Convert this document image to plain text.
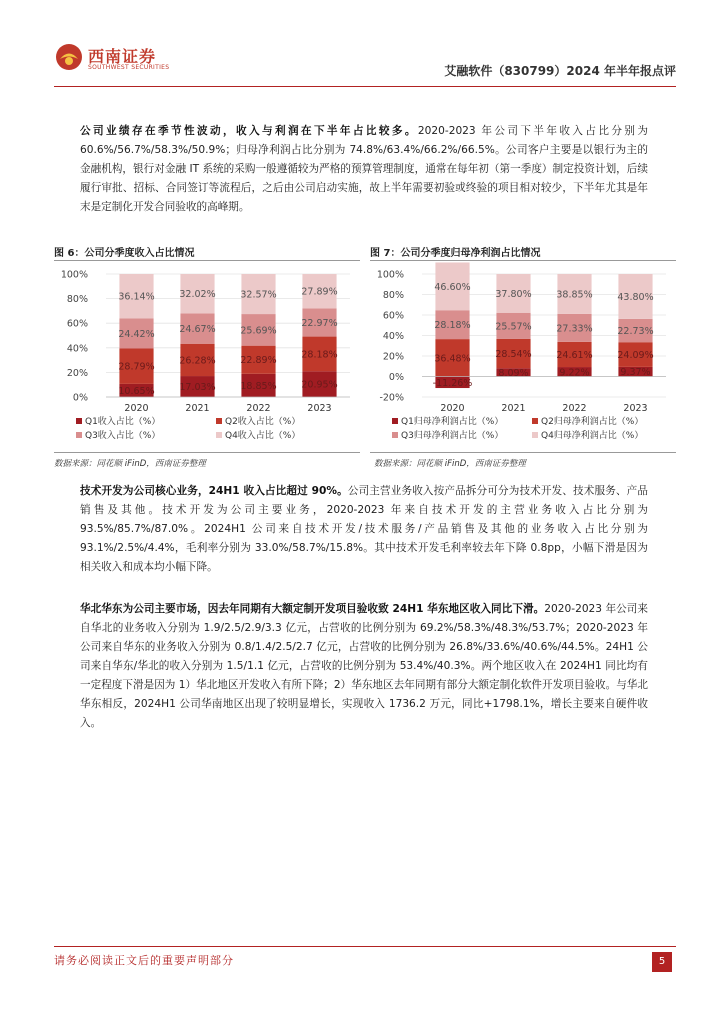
西南证券
SOUTHWEST SECURITIES	艾融软件（830799）2024 年半年报点评

公司业绩存在季节性波动，收入与利润在下半年占比较多。2020-2023 年公司下半年收入占比分别为 60.6%/56.7%/58.3%/50.9%；归母净利润占比分别为 74.8%/63.4%/66.2%/66.5%。公司客户主要是以银行为主的金融机构，银行对金融 IT 系统的采购一般遵循较为严格的预算管理制度，通常在每年初（第一季度）制定投资计划，后续履行审批、招标、合同签订等流程后，之后由公司启动实施，故上半年需要初验或终验的项目相对较少，下半年尤其是年末是定制化开发合同验收的高峰期。

图 6：公司分季度收入占比情况	图 7：公司分季度归母净利润占比情况
0%
20%
40%
60%
80%
100%
10.65%
28.79%
24.42%
36.14%
2020
17.03%
26.28%
24.67%
32.02%
2021
18.85%
22.89%
25.69%
32.57%
2022
20.95%
28.18%
22.97%
27.89%
2023
Q1收入占比（%）	Q2收入占比（%）
Q3收入占比（%）	Q4收入占比（%）
-20%
0%
20%
40%
60%
80%
100%
-11.26%
36.48%
28.18%
46.60%
2020
8.09%
28.54%
25.57%
37.80%
2021
9.22%
24.61%
27.33%
38.85%
2022
9.37%
24.09%
22.73%
43.80%
2023
Q1归母净利润占比（%）	Q2归母净利润占比（%）
Q3归母净利润占比（%）	Q4归母净利润占比（%）
数据来源：同花顺 iFinD，西南证券整理	数据来源：同花顺 iFinD，西南证券整理

技术开发为公司核心业务，24H1 收入占比超过 90%。公司主营业务收入按产品拆分可分为技术开发、技术服务、产品销售及其他。技术开发为公司主要业务，2020-2023 年来自技术开发的主营业务收入占比分别为 93.5%/85.7%/87.0%。2024H1 公司来自技术开发/技术服务/产品销售及其他的业务收入占比分别为 93.1%/2.5%/4.4%，毛利率分别为 33.0%/58.7%/15.8%。其中技术开发毛利率较去年下降 0.8pp，小幅下滑是因为相关收入和成本均小幅下降。

华北华东为公司主要市场，因去年同期有大额定制开发项目验收致 24H1 华东地区收入同比下滑。2020-2023 年公司来自华北的业务收入分别为 1.9/2.5/2.9/3.3 亿元，占营收的比例分别为 69.2%/58.3%/48.3%/53.7%；2020-2023 年公司来自华东的业务收入分别为 0.8/1.4/2.5/2.7 亿元，占营收的比例分别为 26.8%/33.6%/40.6%/44.5%。24H1 公司来自华东/华北的收入分别为 1.5/1.1 亿元，占营收的比例分别为 53.4%/40.3%。两个地区收入在 2024H1 同比均有一定程度下滑是因为 1）华北地区开发收入有所下降；2）华东地区去年同期有部分大额定制化软件开发项目验收。与华北华东相反，2024H1 公司华南地区出现了较明显增长，实现收入 1736.2 万元，同比+1798.1%，增长主要来自硬件收入。

请务必阅读正文后的重要声明部分	5
